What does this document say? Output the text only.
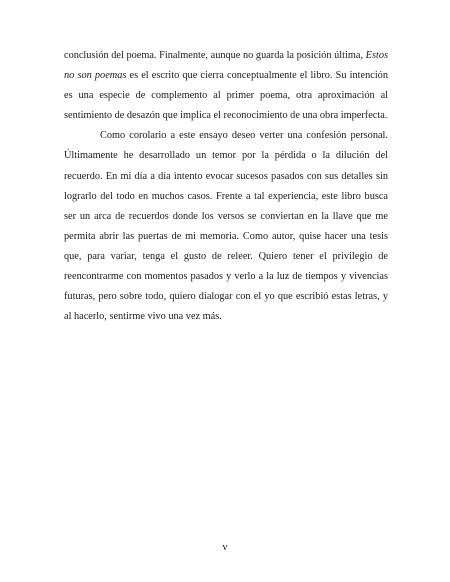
conclusión del poema. Finalmente, aunque no guarda la posición última, Estos no son poemas es el escrito que cierra conceptualmente el libro. Su intención es una especie de complemento al primer poema, otra aproximación al sentimiento de desazón que implica el reconocimiento de una obra imperfecta.

Como corolario a este ensayo deseo verter una confesión personal. Últimamente he desarrollado un temor por la pérdida o la dilución del recuerdo. En mi día a día intento evocar sucesos pasados con sus detalles sin lograrlo del todo en muchos casos. Frente a tal experiencia, este libro busca ser un arca de recuerdos donde los versos se conviertan en la llave que me permita abrir las puertas de mi memoria. Como autor, quise hacer una tesis que, para variar, tenga el gusto de releer. Quiero tener el privilegio de reencontrarme con momentos pasados y verlo a la luz de tiempos y vivencias futuras, pero sobre todo, quiero dialogar con el yo que escribió estas letras, y al hacerlo, sentirme vivo una vez más.

v
